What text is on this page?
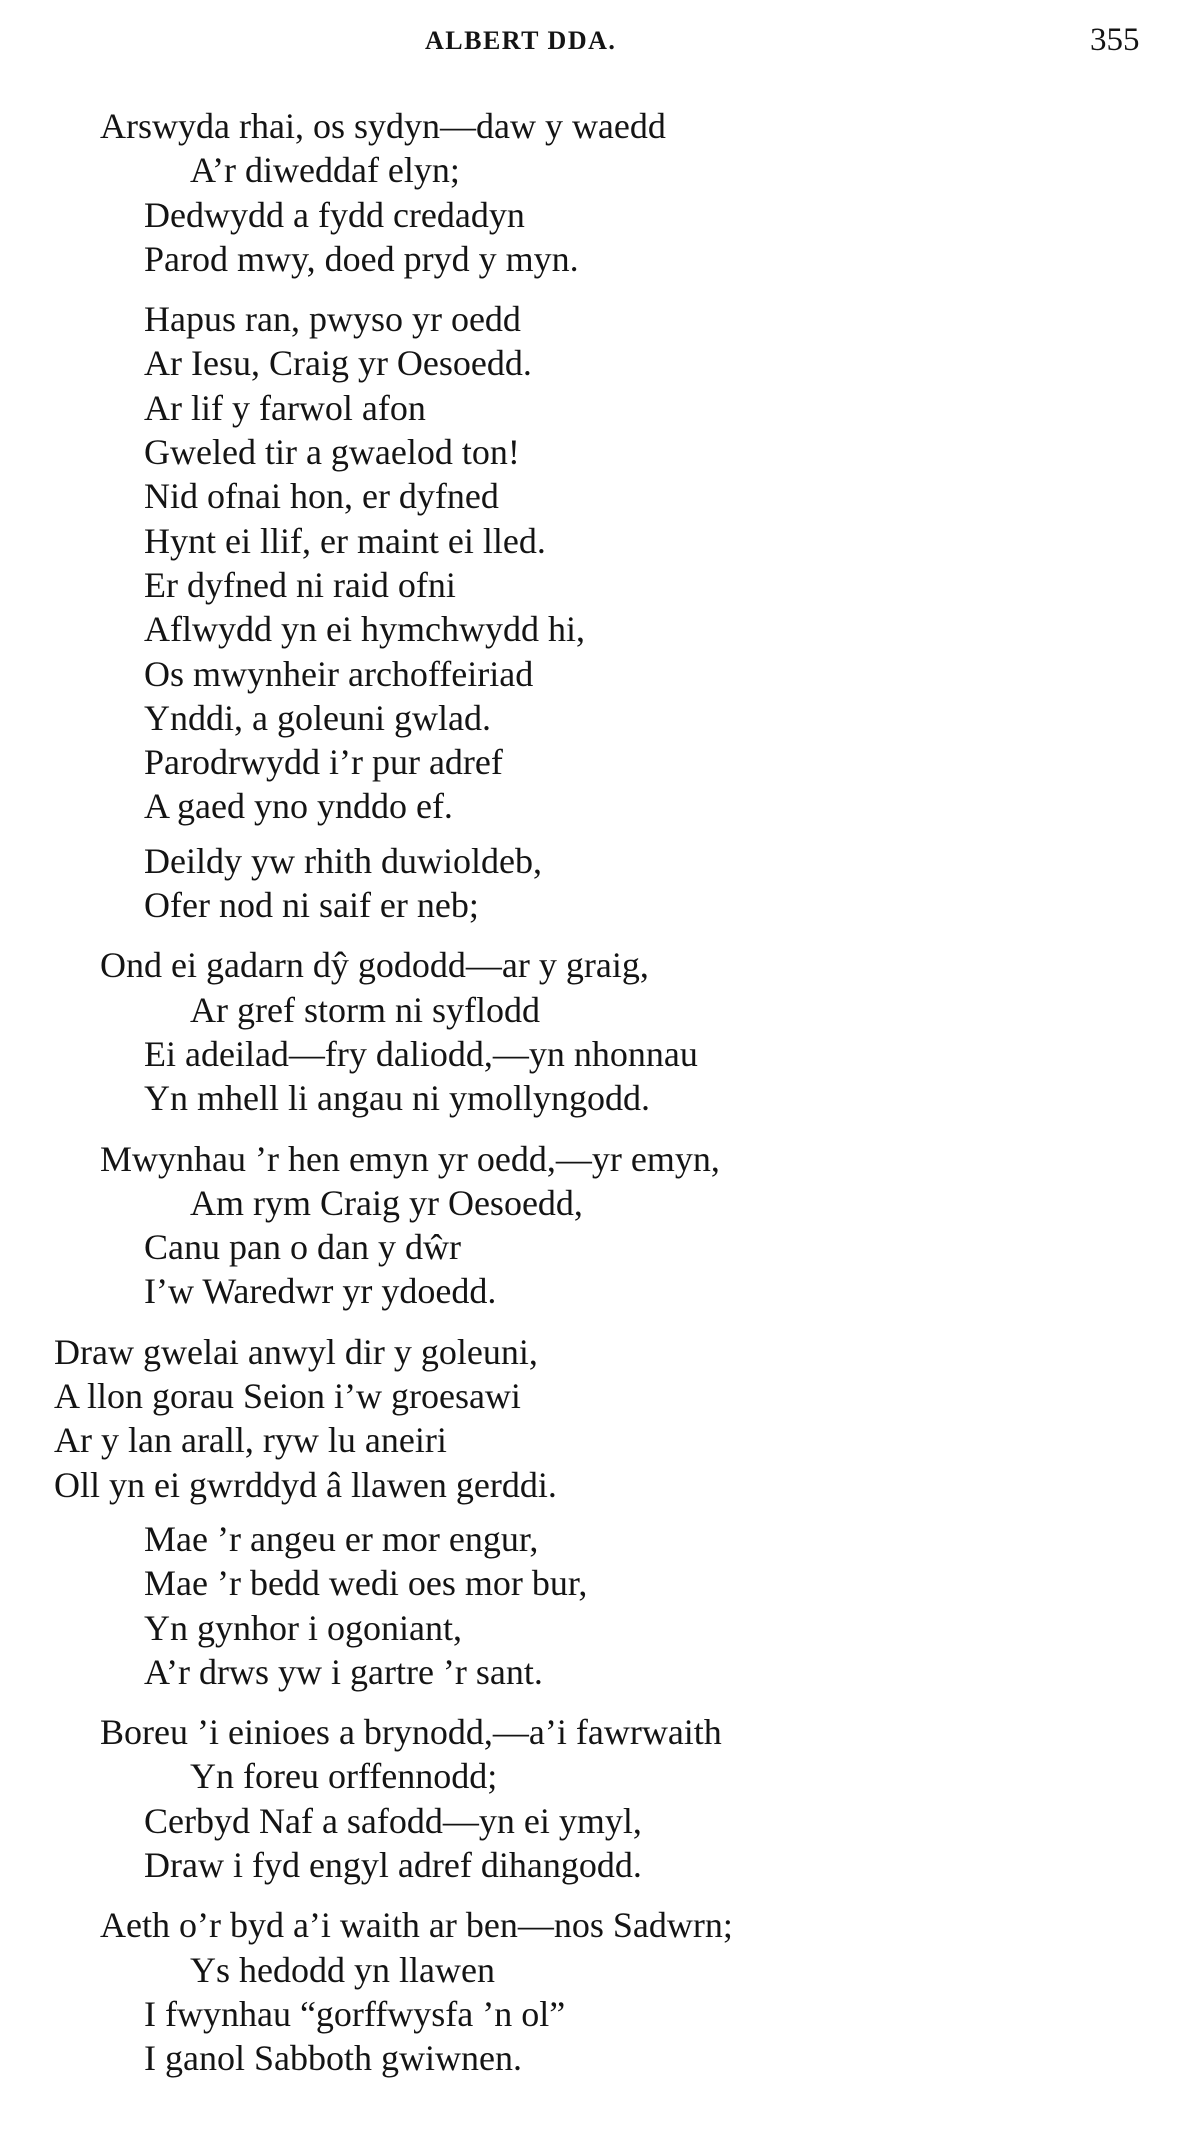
ALBERT DDA.	355
Arswyda rhai, os sydyn—daw y waedd
A’r diweddaf elyn;
Dedwydd a fydd credadyn
Parod mwy, doed pryd y myn.
Hapus ran, pwyso yr oedd
Ar Iesu, Craig yr Oesoedd.
Ar lif y farwol afon
Gweled tir a gwaelod ton!
Nid ofnai hon, er dyfned
Hynt ei llif, er maint ei lled.
Er dyfned ni raid ofni
Aflwydd yn ei hymchwydd hi,
Os mwynheir archoffeiriad
Ynddi, a goleuni gwlad.
Parodrwydd i’r pur adref
A gaed yno ynddo ef.
Deildy yw rhith duwioldeb,
Ofer nod ni saif er neb;
Ond ei gadarn dŷ gododd—ar y graig,
Ar gref storm ni syflodd
Ei adeilad—fry daliodd,—yn nhonnau
Yn mhell li angau ni ymollyngodd.
Mwynhau ’r hen emyn yr oedd,—yr emyn,
Am rym Craig yr Oesoedd,
Canu pan o dan y dŵr
I’w Waredwr yr ydoedd.
Draw gwelai anwyl dir y goleuni,
A llon gorau Seion i’w groesawi
Ar y lan arall, ryw lu aneiri
Oll yn ei gwrddyd â llawen gerddi.
Mae ’r angeu er mor engur,
Mae ’r bedd wedi oes mor bur,
Yn gynhor i ogoniant,
A’r drws yw i gartre ’r sant.
Boreu ’i einioes a brynodd,—a’i fawrwaith
Yn foreu orffennodd;
Cerbyd Naf a safodd—yn ei ymyl,
Draw i fyd engyl adref dihangodd.
Aeth o’r byd a’i waith ar ben—nos Sadwrn;
Ys hedodd yn llawen
I fwynhau “gorffwysfa ’n ol”
I ganol Sabboth gwiwnen.
